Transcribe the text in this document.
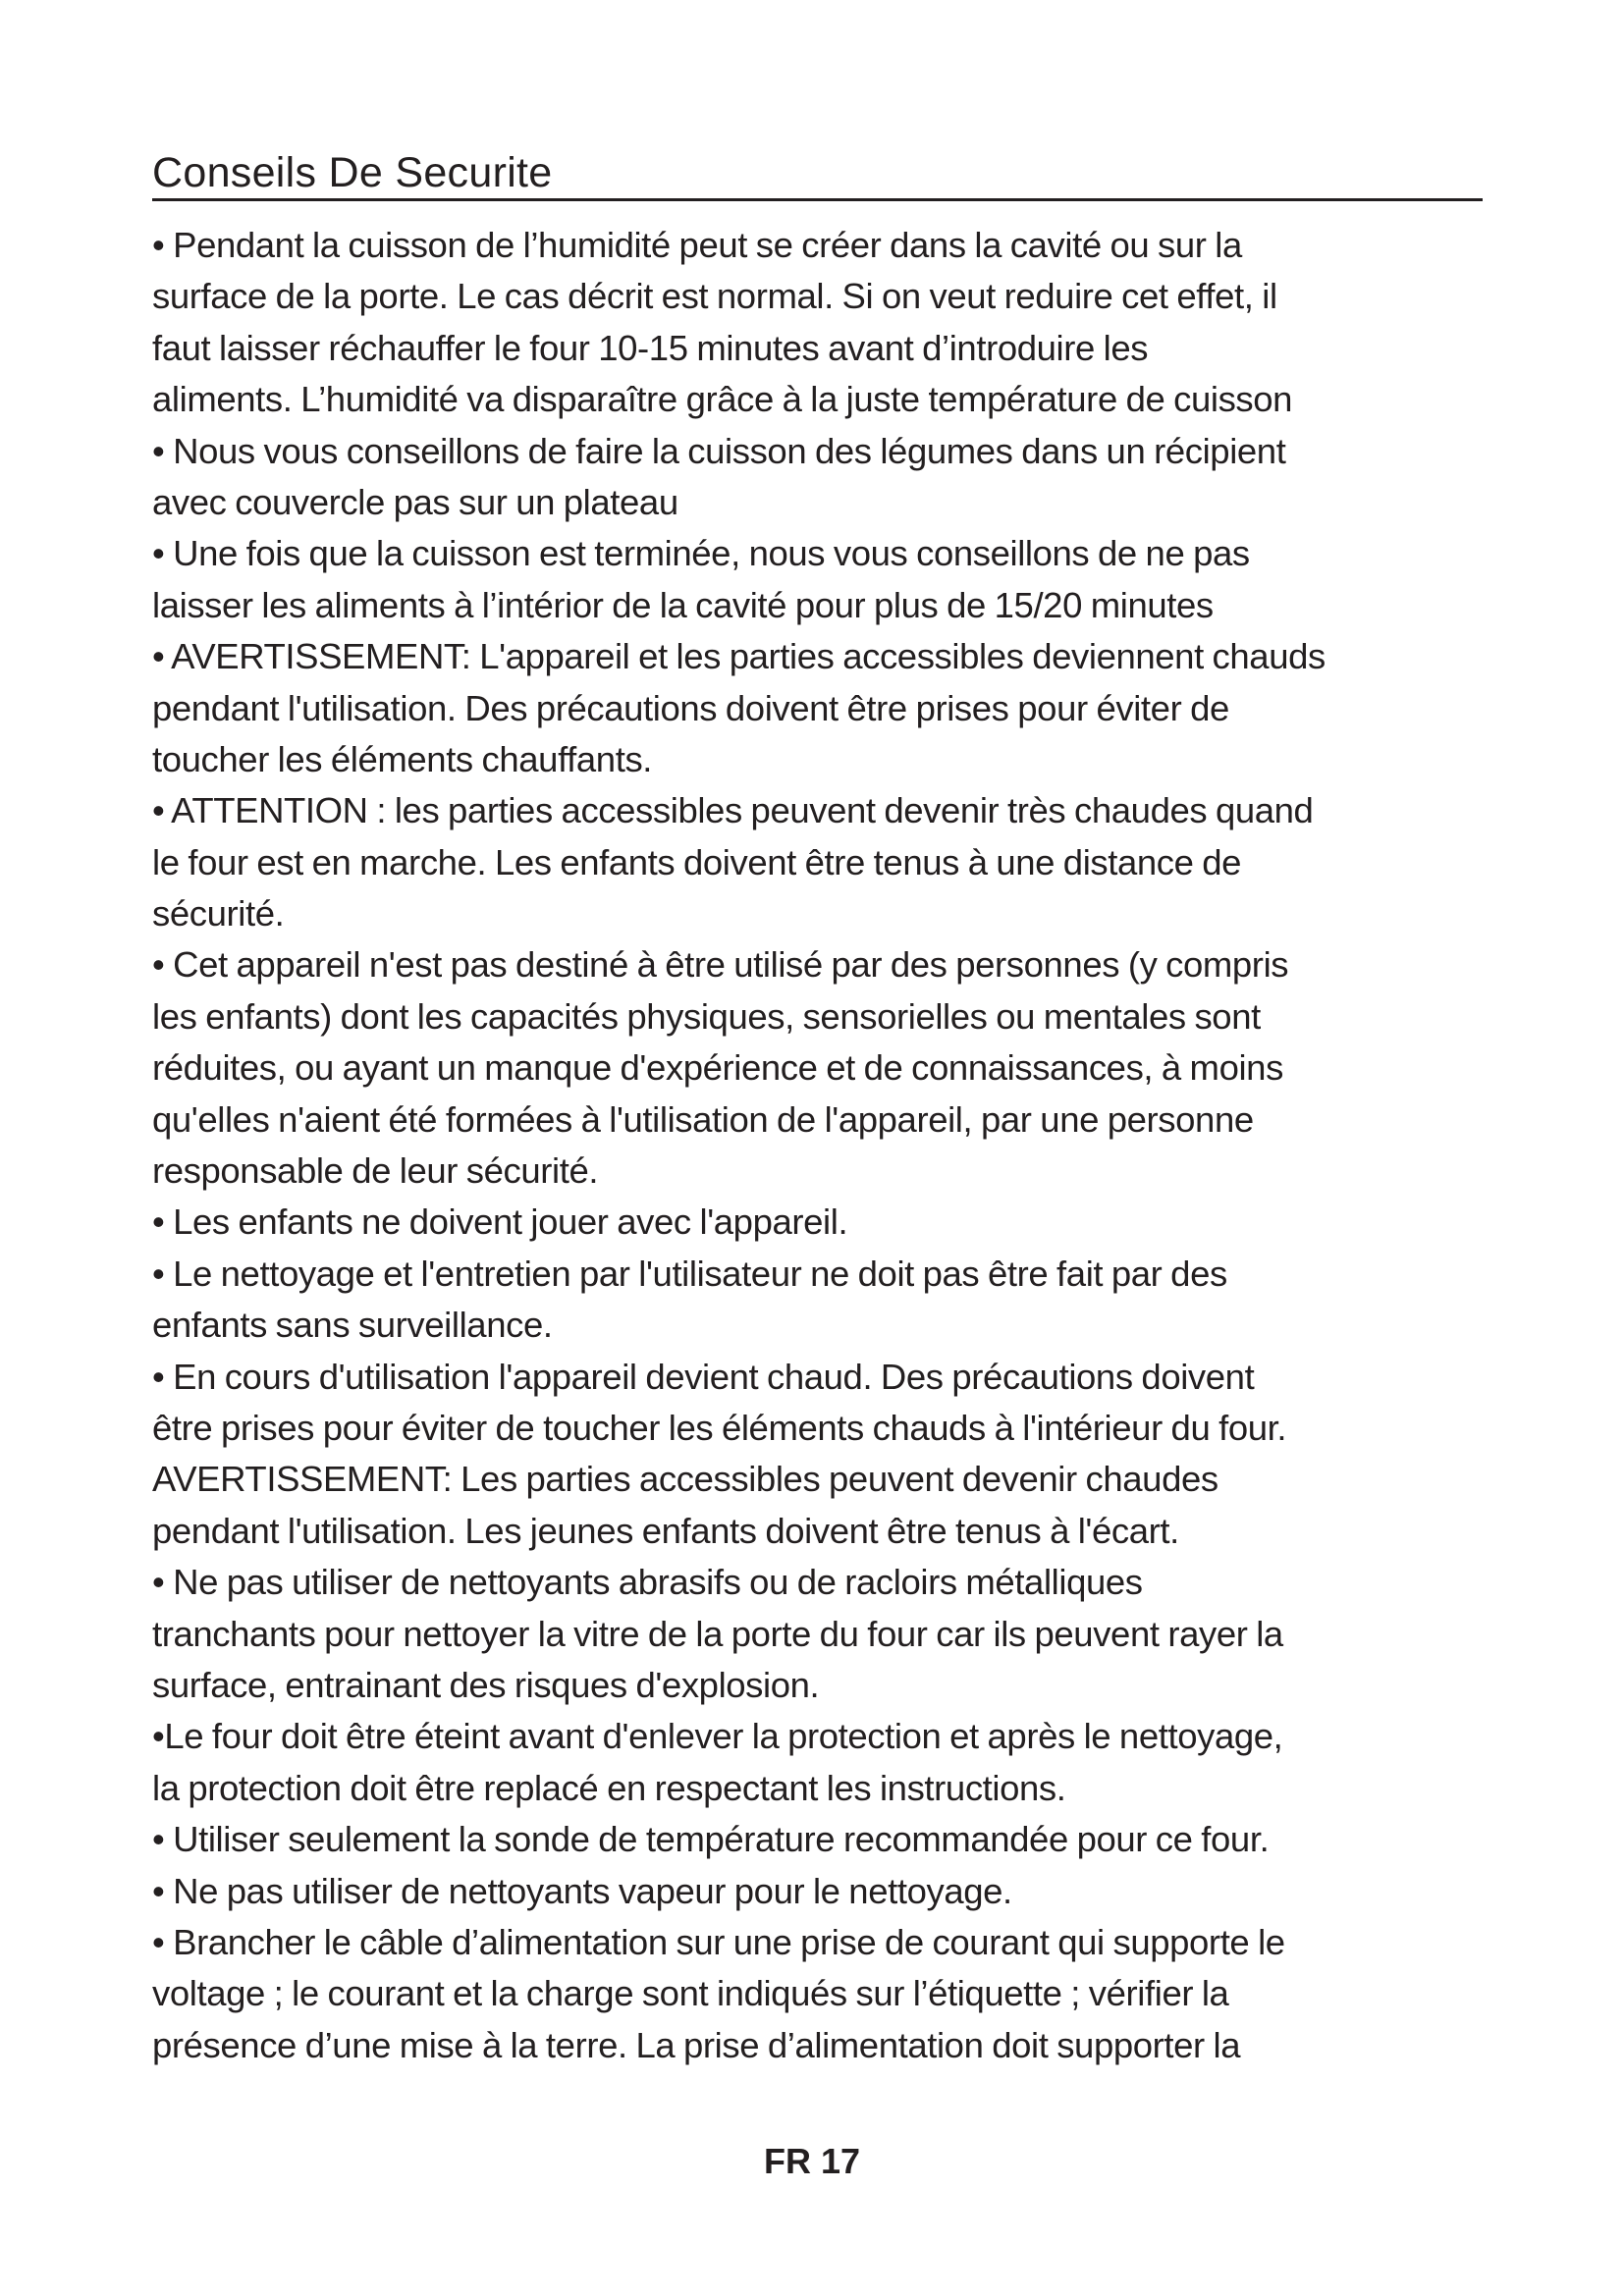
Conseils De Securite
• Pendant la cuisson de l’humidité peut se créer dans la cavité ou sur la
surface de la porte. Le cas décrit est normal. Si on veut reduire cet effet, il
faut laisser réchauffer le four 10-15 minutes avant d’introduire les
aliments. L’humidité va disparaître grâce à la juste température de cuisson
• Nous vous conseillons de faire la cuisson des légumes dans un récipient
avec couvercle pas sur un plateau
• Une fois que la cuisson est terminée, nous vous conseillons de ne pas
laisser les aliments à l’intérior de la cavité pour plus de 15/20 minutes
• AVERTISSEMENT: L'appareil et les parties accessibles deviennent chauds
pendant l'utilisation. Des précautions doivent être prises pour éviter de
toucher les éléments chauffants.
• ATTENTION : les parties accessibles peuvent devenir très chaudes quand
le four est en marche. Les enfants doivent être tenus à une distance de
sécurité.
• Cet appareil n'est pas destiné à être utilisé par des personnes (y compris
les enfants) dont les capacités physiques, sensorielles ou mentales sont
réduites, ou ayant un manque d'expérience et de connaissances, à moins
qu'elles n'aient été formées à l'utilisation de l'appareil, par une personne
responsable de leur sécurité.
• Les enfants ne doivent jouer avec l'appareil.
• Le nettoyage et l'entretien par l'utilisateur ne doit pas être fait par des
enfants sans surveillance.
• En cours d'utilisation l'appareil devient chaud. Des précautions doivent
être prises pour éviter de toucher les éléments chauds à l'intérieur du four.
AVERTISSEMENT: Les parties accessibles peuvent devenir chaudes
pendant l'utilisation. Les jeunes enfants doivent être tenus à l'écart.
• Ne pas utiliser de nettoyants abrasifs ou de racloirs métalliques
tranchants pour nettoyer la vitre de la porte du four car ils peuvent rayer la
surface, entrainant des risques d'explosion.
•Le four doit être éteint avant d'enlever la protection et après le nettoyage,
la protection doit être replacé en respectant les instructions.
• Utiliser seulement la sonde de température recommandée pour ce four.
• Ne pas utiliser de nettoyants vapeur pour le nettoyage.
• Brancher le câble d’alimentation sur une prise de courant qui supporte le
voltage ; le courant et la charge sont indiqués sur l’étiquette ; vérifier la
présence d’une mise à la terre. La prise d’alimentation doit supporter la
FR 17
